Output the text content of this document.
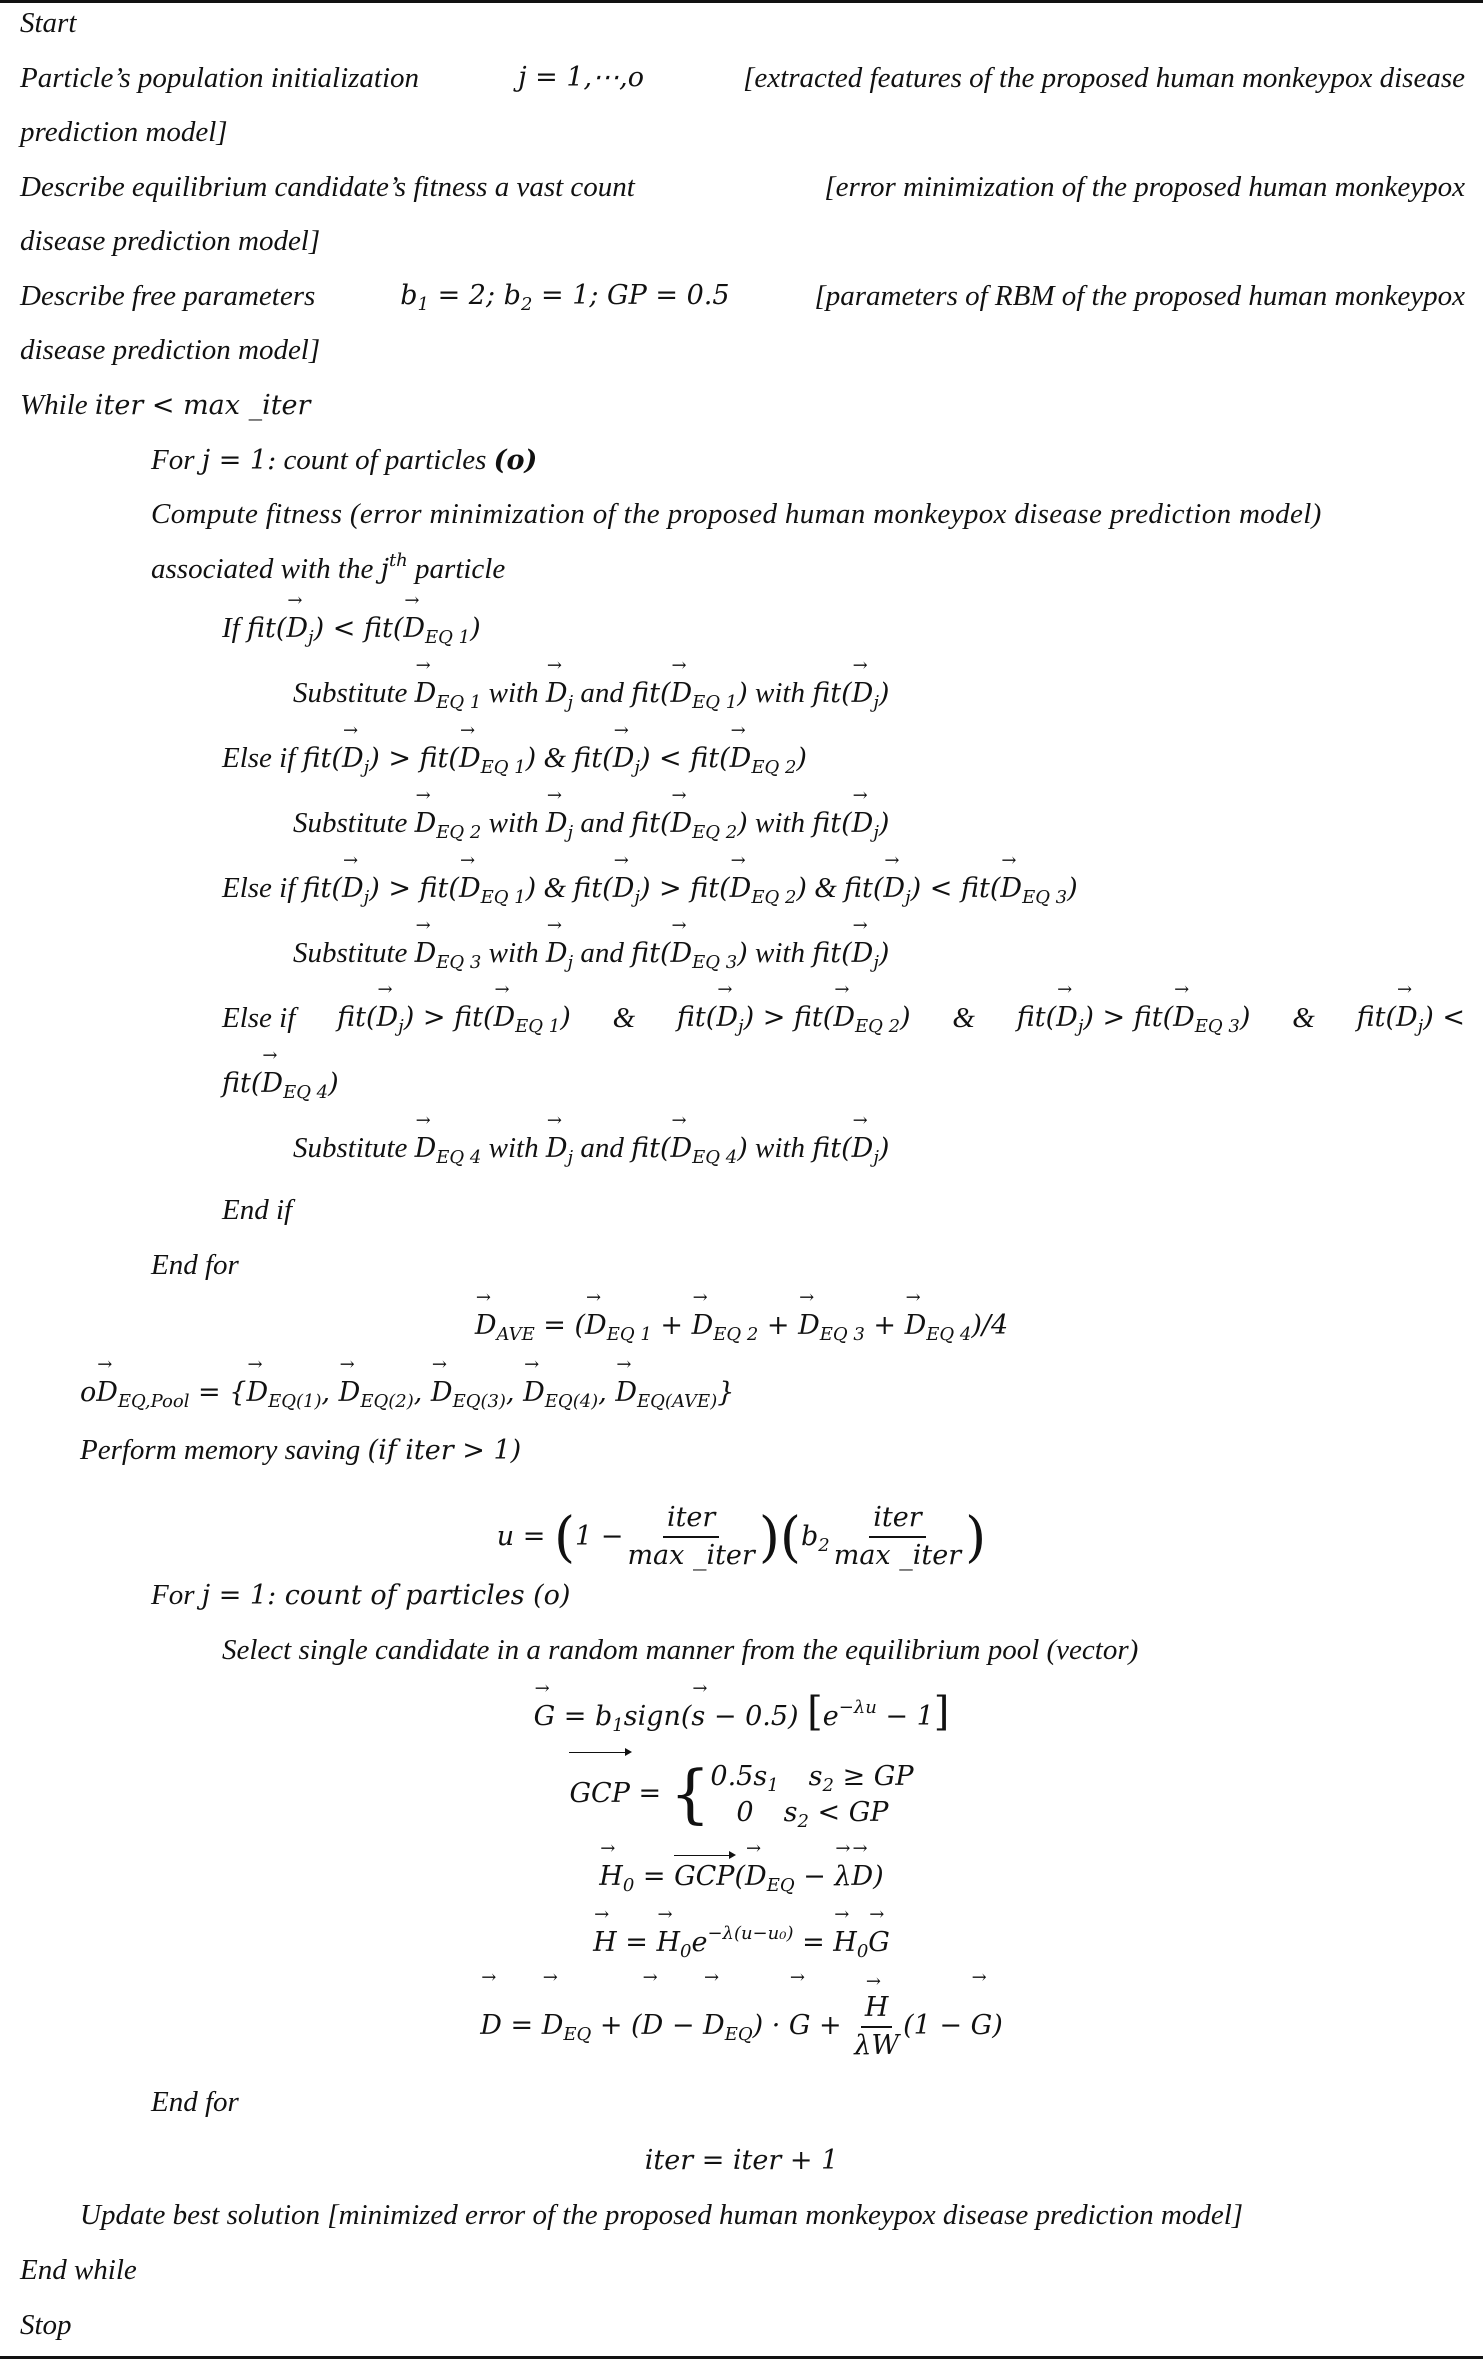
Start
Particle’s population initialization	j = 1,⋯,o	[extracted features of the proposed human monkeypox disease
prediction model]
Describe equilibrium candidate’s fitness a vast count	[error minimization of the proposed human monkeypox
disease prediction model]
Describe free parameters	$b_1 = 2$; $b_2 = 1$; GP = 0.5	[parameters of RBM of the proposed human monkeypox
disease prediction model]
While iter < max _iter
For j = 1: count of particles (o)
Compute fitness (error minimization of the proposed human monkeypox disease prediction model)
associated with the $j^{th}$ particle
If $fit(\to D_j) < fit(\to D_{EQ 1})$
Substitute → $D_{EQ 1}$ with → $D_j$ and $fit(\to D_{EQ 1})$ with $fit(\to D_j)$
Else if $fit(\to D_j) > fit(\to D_{EQ 1})$ & $fit(\to D_j) < fit(\to D_{EQ 2})$
Substitute → $D_{EQ 2}$ with → $D_j$ and $fit(\to D_{EQ 2})$ with $fit(\to D_j)$
Else if $fit(\to D_j) > fit(\to D_{EQ 1})$ & $fit(\to D_j) > fit(\to D_{EQ 2})$ & $fit(\to D_j) < fit(\to D_{EQ 3})$
Substitute → $D_{EQ 3}$ with → $D_j$ and $fit(\to D_{EQ 3})$ with $fit(\to D_j)$
Else if $fit(\to D_j) > fit(\to D_{EQ 1})$ & $fit(\to D_j) > fit(\to D_{EQ 2})$ & $fit(\to D_j) > fit(\to D_{EQ 3})$ & $fit(\to D_j)$ <
$fit(\to D_{EQ 4})$
Substitute → $D_{EQ 4}$ with → $D_j$ and $fit(\to D_{EQ 4})$ with $fit(\to D_j)$
End if
End for
→ $D_{AVE}$ = (→ $D_{EQ 1}$ + → $D_{EQ 2}$ + → $D_{EQ 3}$ + → $D_{EQ 4})/4$
$o\to D_{EQ,Pool}$ = {→ $D_{EQ(1)}$, → $D_{EQ(2)}$, → $D_{EQ(3)}$, → $D_{EQ(4)}$, → $D_{EQ(AVE)}$}
Perform memory saving (if iter > 1)
$u = (1 - \frac{\text{iter}}{\text{max \_iter}} )(b_2 \frac{\text{iter}}{\text{max \_iter}}$ )
For j = 1: count of particles (o)
Select single candidate in a random manner from the equilibrium pool (vector)
→ $G = b_1sign(\to s - 0.5) [e^{-\lambda u} - 1]$
GCP = { $0.5s_1$ $s_2$ ≥ GP
0 $s_2$ < GP
→ $H_0 = GCP(\to D_{EQ}$ − → λ→ D)
→ H = → $H_0e^{-\lambda(u-u_0)}$ = → $H_0\to G$
→ D = → $D_{EQ}$ + (→ D − → $D_{EQ}$) · → G + → $\frac{H}{\lambda W} (1$ − → G)
End for
iter = iter + 1
Update best solution [minimized error of the proposed human monkeypox disease prediction model]
End while
Stop
